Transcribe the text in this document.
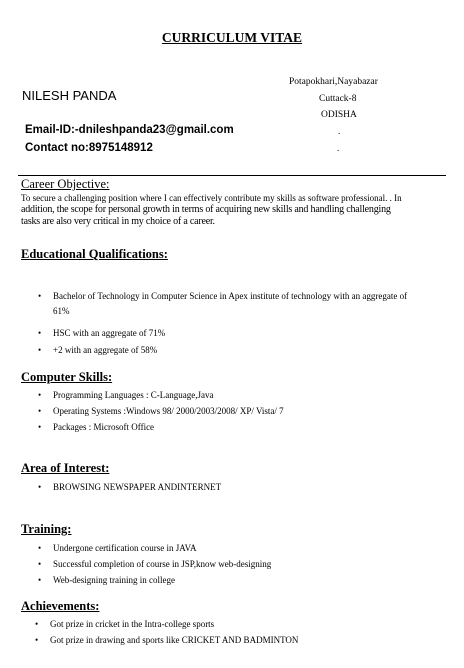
CURRICULUM VITAE
Potapokhari,Nayabazar
Cuttack-8
ODISHA
.
.
NILESH PANDA
Email-ID:-dnileshpanda23@gmail.com
Contact no:8975148912
Career Objective:
To secure a challenging position where I can effectively contribute my skills as software professional. . In
addition, the scope for personal growth in terms of acquiring new skills and handling challenging
tasks are also very critical in my choice of a career.
Educational Qualifications:
• Bachelor of Technology in Computer Science in Apex institute of technology with an aggregate of
61%
• HSC with an aggregate of 71%
• +2 with an aggregate of 58%
Computer Skills:
• Programming Languages : C-Language,Java
• Operating Systems :Windows 98/ 2000/2003/2008/ XP/ Vista/ 7
• Packages : Microsoft Office
Area of Interest:
• BROWSING NEWSPAPER ANDINTERNET
Training:
• Undergone certification course in JAVA
• Successful completion of course in JSP,know web-designing
• Web-designing training in college
Achievements:
• Got prize in cricket in the Intra-college sports
• Got prize in drawing and sports like CRICKET AND BADMINTON
